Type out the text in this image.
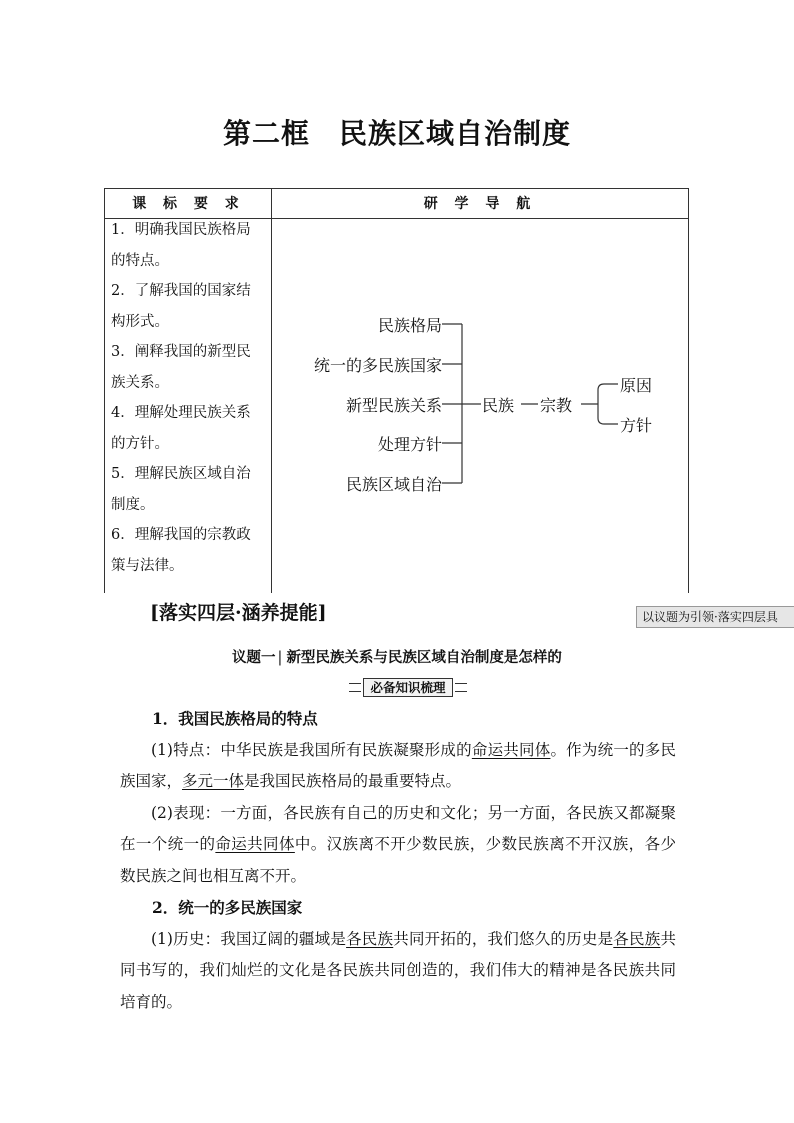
第二框　民族区域自治制度
课 标 要 求	研 学 导 航
1．明确我国民族格局
的特点。
2．了解我国的国家结
构形式。
3．阐释我国的新型民
族关系。
4．理解处理民族关系
的方针。
5．理解民族区域自治
制度。
6．理解我国的宗教政
策与法律。
民族格局
统一的多民族国家
新型民族关系
处理方针
民族区域自治
民族 宗教
原因
方针
[落实四层·涵养提能]	以议题为引领·落实四层具
议题一 | 新型民族关系与民族区域自治制度是怎样的
必备知识梳理

1．我国民族格局的特点

(1)特点：中华民族是我国所有民族凝聚形成的命运共同体。作为统一的多民族国家，多元一体是我国民族格局的最重要特点。

(2)表现：一方面，各民族有自己的历史和文化；另一方面，各民族又都凝聚在一个统一的命运共同体中。汉族离不开少数民族，少数民族离不开汉族，各少数民族之间也相互离不开。

2．统一的多民族国家

(1)历史：我国辽阔的疆域是各民族共同开拓的，我们悠久的历史是各民族共同书写的，我们灿烂的文化是各民族共同创造的，我们伟大的精神是各民族共同培育的。
